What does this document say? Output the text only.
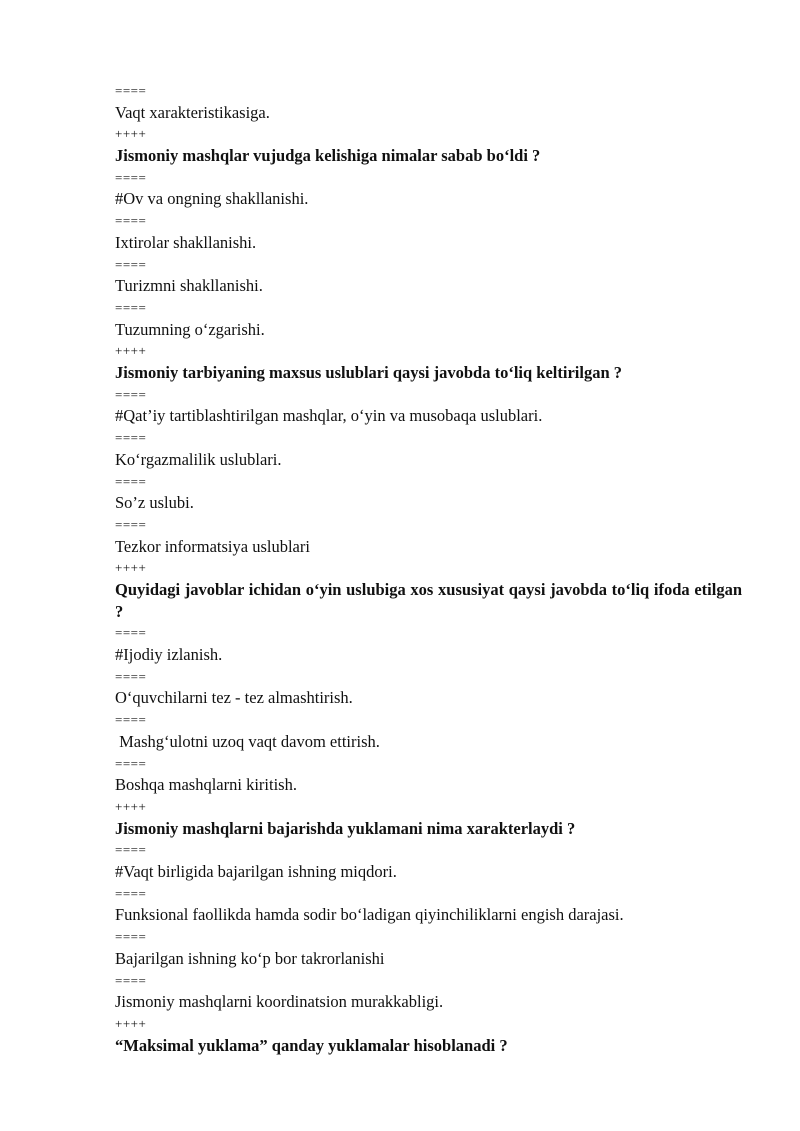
====
Vaqt xarakteristikasiga.
++++
Jismoniy mashqlar vujudga kelishiga nimalar sabab bo‘ldi ?
====
#Ov va ongning shakllanishi.
====
Ixtirolar shakllanishi.
====
Turizmni shakllanishi.
====
Tuzumning o‘zgarishi.
++++
Jismoniy tarbiyaning maxsus uslublari qaysi javobda to‘liq keltirilgan ?
====
#Qat’iy tartiblashtirilgan mashqlar, o‘yin va musobaqa uslublari.
====
Ko‘rgazmalilik uslublari.
====
So’z uslubi.
====
Tezkor informatsiya uslublari
++++
Quyidagi javoblar ichidan o‘yin uslubiga xos xususiyat qaysi javobda to‘liq ifoda etilgan ?
====
#Ijodiy izlanish.
====
O‘quvchilarni tez - tez almashtirish.
====
Mashg‘ulotni uzoq vaqt davom ettirish.
====
Boshqa mashqlarni kiritish.
++++
Jismoniy mashqlarni bajarishda yuklamani nima xarakterlaydi ?
====
#Vaqt birligida bajarilgan ishning miqdori.
====
Funksional faollikda hamda sodir bo‘ladigan qiyinchiliklarni engish darajasi.
====
Bajarilgan ishning ko‘p bor takrorlanishi
====
Jismoniy mashqlarni koordinatsion murakkabligi.
++++
“Maksimal yuklama” qanday yuklamalar hisoblanadi ?
